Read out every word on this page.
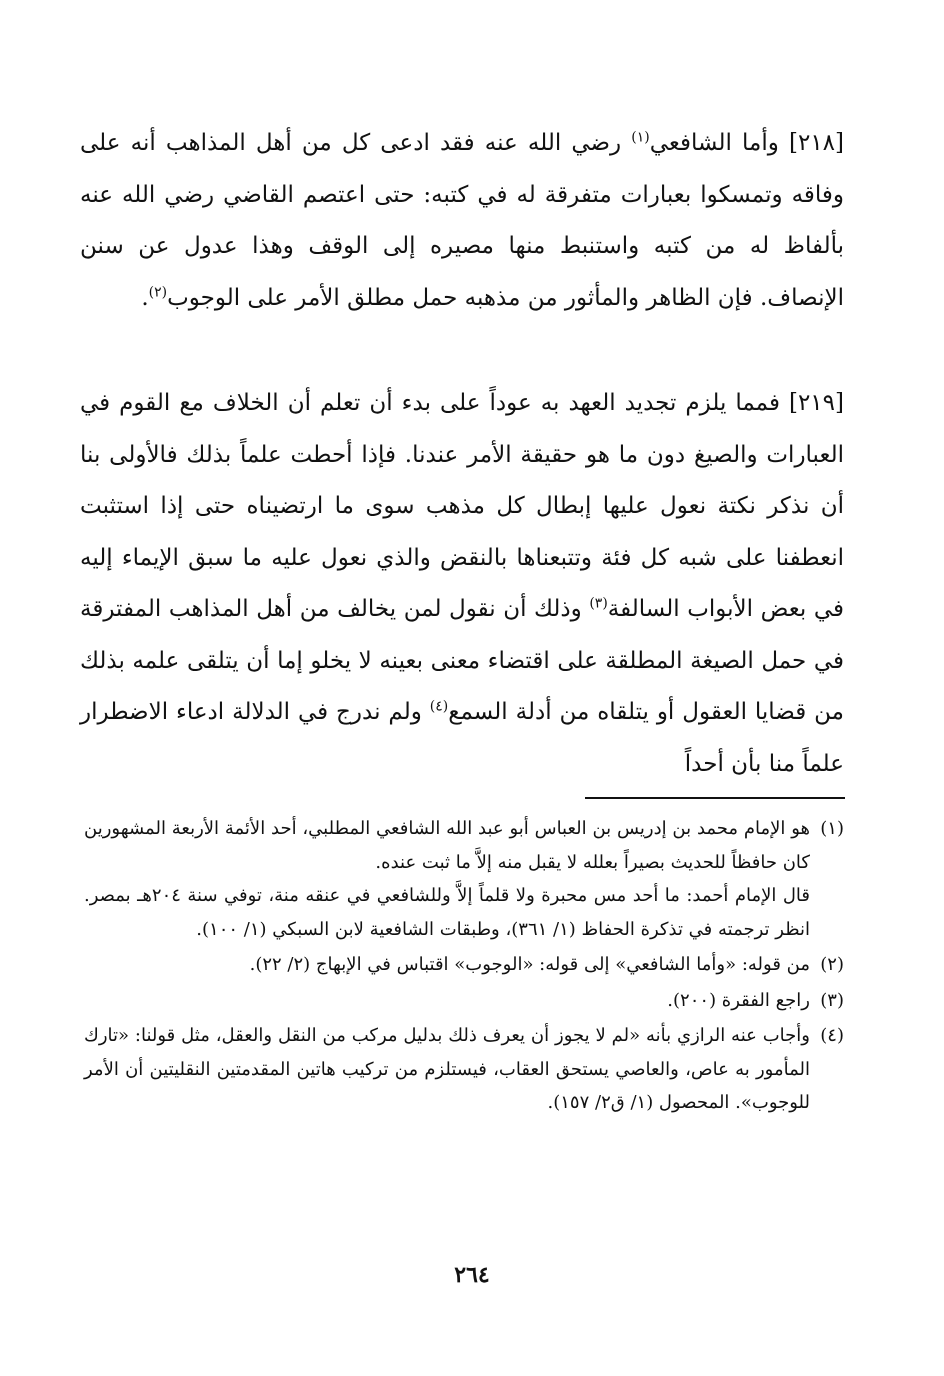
[٢١٨] وأما الشافعي$^{(١)}$ رضي الله عنه فقد ادعى كل من أهل المذاهب أنه على وفاقه وتمسكوا بعبارات متفرقة له في كتبه: حتى اعتصم القاضي رضي الله عنه بألفاظ له من كتبه واستنبط منها مصيره إلى الوقف وهذا عدول عن سنن الإنصاف. فإن الظاهر والمأثور من مذهبه حمل مطلق الأمر على الوجوب$^{(٢)}$.

[٢١٩] فمما يلزم تجديد العهد به عوداً على بدء أن تعلم أن الخلاف مع القوم في العبارات والصيغ دون ما هو حقيقة الأمر عندنا. فإذا أحطت علماً بذلك فالأولى بنا أن نذكر نكتة نعول عليها إبطال كل مذهب سوى ما ارتضيناه حتى إذا استثبت انعطفنا على شبه كل فئة وتتبعناها بالنقض والذي نعول عليه ما سبق الإيماء إليه في بعض الأبواب السالفة$^{(٣)}$ وذلك أن نقول لمن يخالف من أهل المذاهب المفترقة في حمل الصيغة المطلقة على اقتضاء معنى بعينه لا يخلو إما أن يتلقى علمه بذلك من قضايا العقول أو يتلقاه من أدلة السمع$^{(٤)}$ ولم ندرج في الدلالة ادعاء الاضطرار علماً منا بأن أحداً

(١)

هو الإمام محمد بن إدريس بن العباس أبو عبد الله الشافعي المطلبي، أحد الأئمة الأربعة المشهورين كان حافظاً للحديث بصيراً بعلله لا يقبل منه إلاَّ ما ثبت عنده.

قال الإمام أحمد: ما أحد مس محبرة ولا قلماً إلاَّ وللشافعي في عنقه منة، توفي سنة ٢٠٤هـ بمصر. انظر ترجمته في تذكرة الحفاظ (١/ ٣٦١)، وطبقات الشافعية لابن السبكي (١/ ١٠٠).

(٢)

من قوله: «وأما الشافعي» إلى قوله: «الوجوب» اقتباس في الإبهاج (٢/ ٢٢).

(٣)

راجع الفقرة (٢٠٠).

(٤)

وأجاب عنه الرازي بأنه «لم لا يجوز أن يعرف ذلك بدليل مركب من النقل والعقل، مثل قولنا: «تارك المأمور به عاص، والعاصي يستحق العقاب، فيستلزم من تركيب هاتين المقدمتين النقليتين أن الأمر للوجوب». المحصول (١/ ق٢/ ١٥٧).

٢٦٤
